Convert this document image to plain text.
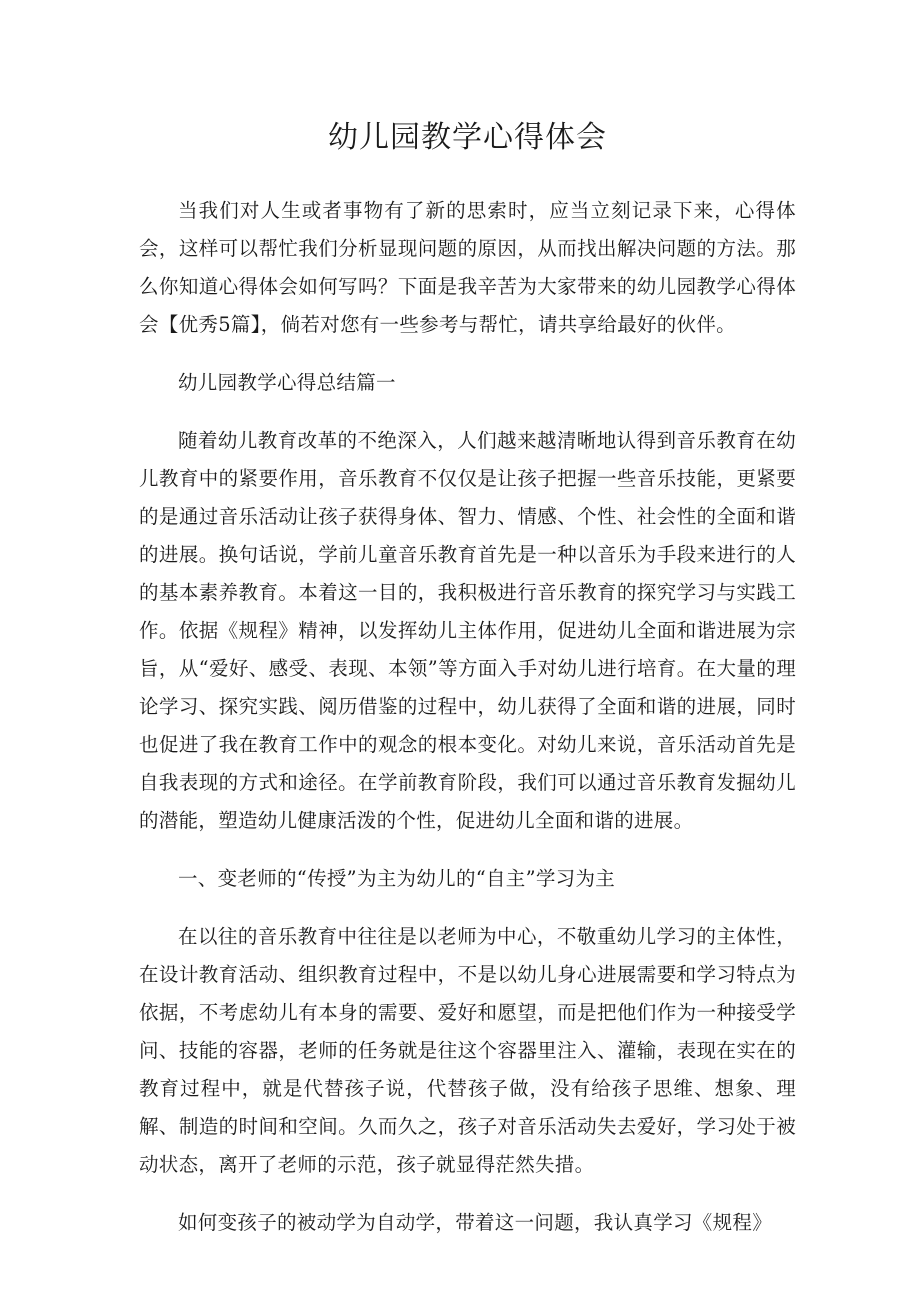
幼儿园教学心得体会

当我们对人生或者事物有了新的思索时，应当立刻记录下来，心得体会，这样可以帮忙我们分析显现问题的原因，从而找出解决问题的方法。那么你知道心得体会如何写吗？下面是我辛苦为大家带来的幼儿园教学心得体会【优秀5篇】，倘若对您有一些参考与帮忙，请共享给最好的伙伴。

幼儿园教学心得总结篇一

随着幼儿教育改革的不绝深入，人们越来越清晰地认得到音乐教育在幼儿教育中的紧要作用，音乐教育不仅仅是让孩子把握一些音乐技能，更紧要的是通过音乐活动让孩子获得身体、智力、情感、个性、社会性的全面和谐的进展。换句话说，学前儿童音乐教育首先是一种以音乐为手段来进行的人的基本素养教育。本着这一目的，我积极进行音乐教育的探究学习与实践工作。依据《规程》精神，以发挥幼儿主体作用，促进幼儿全面和谐进展为宗旨，从“爱好、感受、表现、本领”等方面入手对幼儿进行培育。在大量的理论学习、探究实践、阅历借鉴的过程中，幼儿获得了全面和谐的进展，同时也促进了我在教育工作中的观念的根本变化。对幼儿来说，音乐活动首先是自我表现的方式和途径。在学前教育阶段，我们可以通过音乐教育发掘幼儿的潜能，塑造幼儿健康活泼的个性，促进幼儿全面和谐的进展。

一、变老师的“传授”为主为幼儿的“自主”学习为主

在以往的音乐教育中往往是以老师为中心，不敬重幼儿学习的主体性，在设计教育活动、组织教育过程中，不是以幼儿身心进展需要和学习特点为依据，不考虑幼儿有本身的需要、爱好和愿望，而是把他们作为一种接受学问、技能的容器，老师的任务就是往这个容器里注入、灌输，表现在实在的教育过程中，就是代替孩子说，代替孩子做，没有给孩子思维、想象、理解、制造的时间和空间。久而久之，孩子对音乐活动失去爱好，学习处于被动状态，离开了老师的示范，孩子就显得茫然失措。

如何变孩子的被动学为自动学，带着这一问题，我认真学习《规程》
